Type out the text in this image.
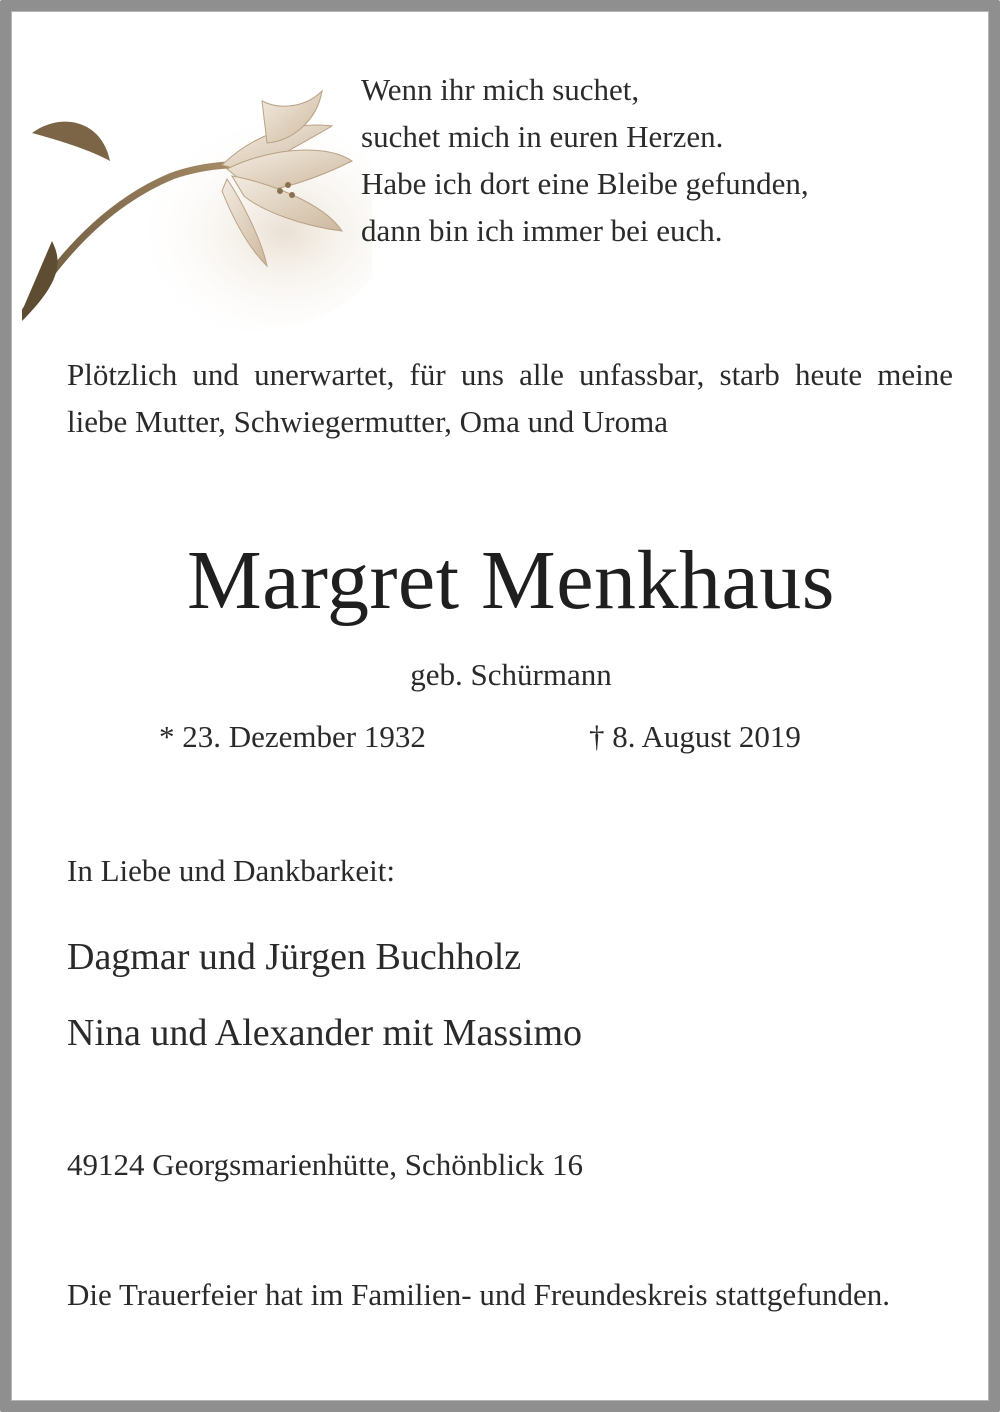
Wenn ihr mich suchet,
suchet mich in euren Herzen.
Habe ich dort eine Bleibe gefunden,
dann bin ich immer bei euch.
Plötzlich und unerwartet, für uns alle unfassbar, starb heute meine liebe Mutter, Schwiegermutter, Oma und Uroma
Margret Menkhaus
geb. Schürmann
* 23. Dezember 1932	† 8. August 2019
In Liebe und Dankbarkeit:
Dagmar und Jürgen Buchholz
Nina und Alexander mit Massimo
49124 Georgsmarienhütte, Schönblick 16
Die Trauerfeier hat im Familien- und Freundeskreis stattgefunden.
